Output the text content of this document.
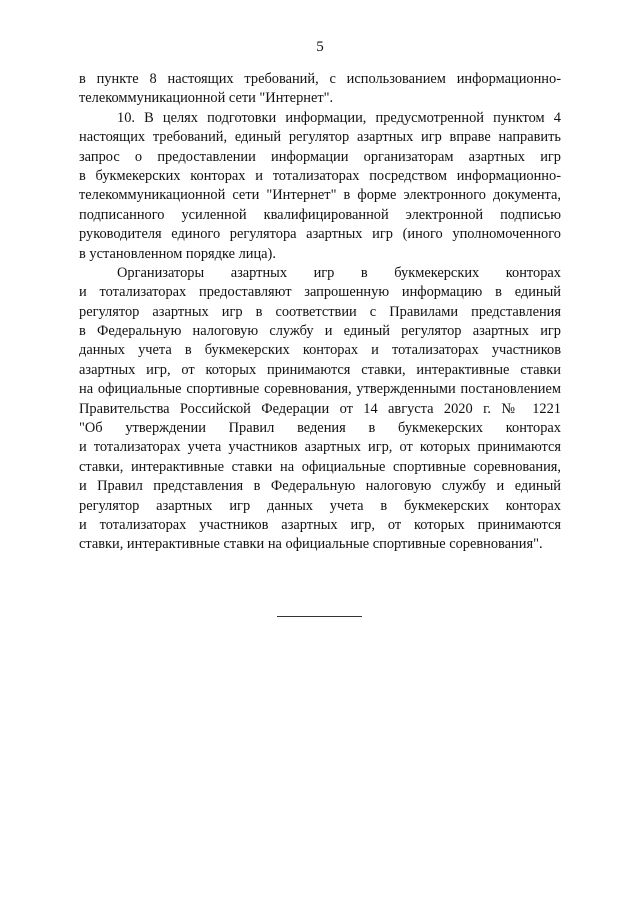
5
в пункте 8 настоящих требований, с использованием информационно-
телекоммуникационной сети "Интернет".
10. В целях подготовки информации, предусмотренной пунктом 4
настоящих требований, единый регулятор азартных игр вправе направить
запрос о предоставлении информации организаторам азартных игр
в букмекерских конторах и тотализаторах посредством информационно-
телекоммуникационной сети "Интернет" в форме электронного документа,
подписанного усиленной квалифицированной электронной подписью
руководителя единого регулятора азартных игр (иного уполномоченного
в установленном порядке лица).
Организаторы азартных игр в букмекерских конторах
и тотализаторах предоставляют запрошенную информацию в единый
регулятор азартных игр в соответствии с Правилами представления
в Федеральную налоговую службу и единый регулятор азартных игр
данных учета в букмекерских конторах и тотализаторах участников
азартных игр, от которых принимаются ставки, интерактивные ставки
на официальные спортивные соревнования, утвержденными постановлением
Правительства Российской Федерации от 14 августа 2020 г. № 1221
"Об утверждении Правил ведения в букмекерских конторах
и тотализаторах учета участников азартных игр, от которых принимаются
ставки, интерактивные ставки на официальные спортивные соревнования,
и Правил представления в Федеральную налоговую службу и единый
регулятор азартных игр данных учета в букмекерских конторах
и тотализаторах участников азартных игр, от которых принимаются
ставки, интерактивные ставки на официальные спортивные соревнования".
